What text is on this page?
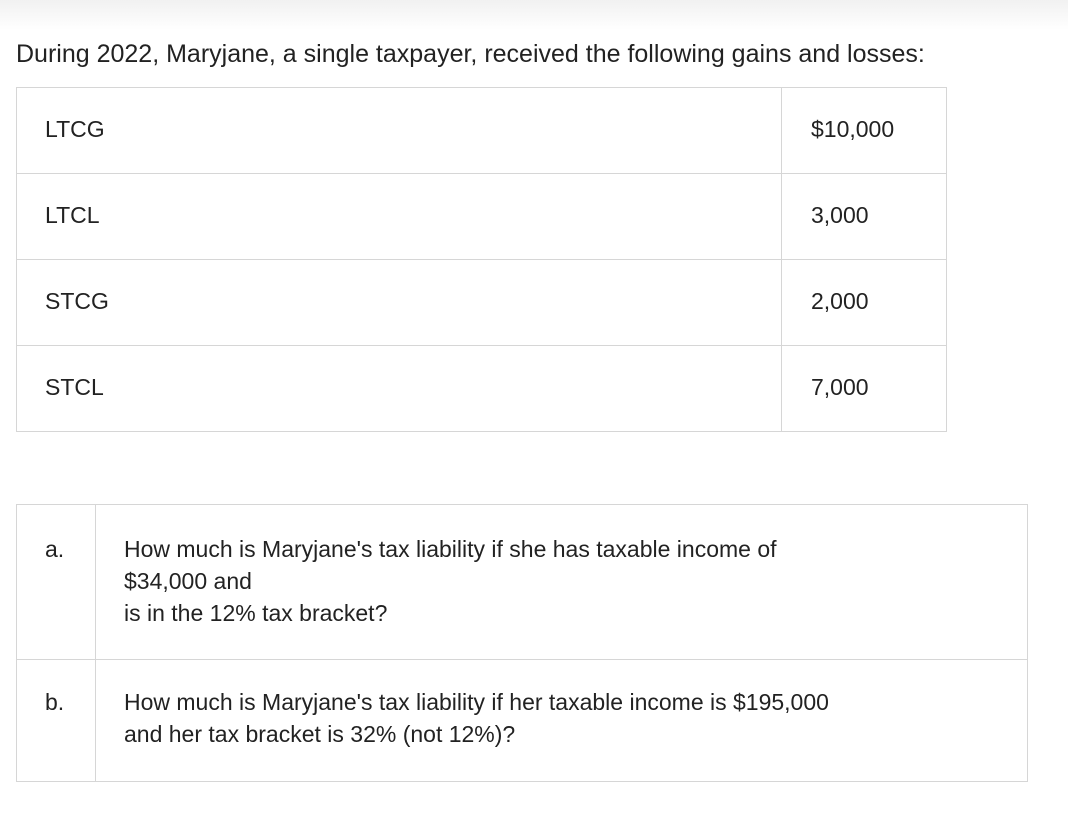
During 2022, Maryjane, a single taxpayer, received the following gains and losses:
LTCG	$10,000
LTCL	3,000
STCG	2,000
STCL	7,000
a.	How much is Maryjane's tax liability if she has taxable income of
$34,000 and
is in the 12% tax bracket?

b.	How much is Maryjane's tax liability if her taxable income is $195,000
and her tax bracket is 32% (not 12%)?
